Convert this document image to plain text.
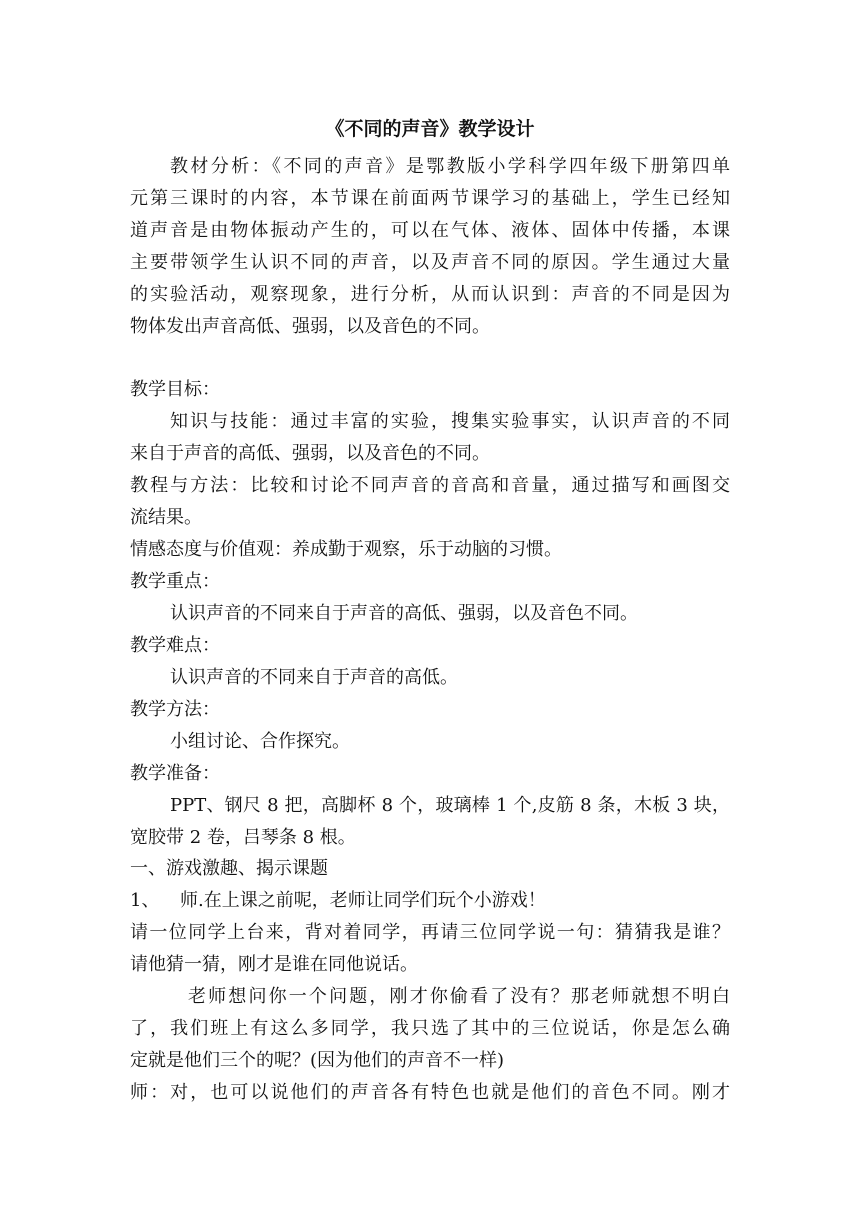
《不同的声音》教学设计
教材分析：《不同的声音》是鄂教版小学科学四年级下册第四单
元第三课时的内容，本节课在前面两节课学习的基础上，学生已经知
道声音是由物体振动产生的，可以在气体、液体、固体中传播，本课
主要带领学生认识不同的声音，以及声音不同的原因。学生通过大量
的实验活动，观察现象，进行分析，从而认识到：声音的不同是因为
物体发出声音高低、强弱，以及音色的不同。
教学目标：
知识与技能：通过丰富的实验，搜集实验事实，认识声音的不同
来自于声音的高低、强弱，以及音色的不同。
教程与方法：比较和讨论不同声音的音高和音量，通过描写和画图交
流结果。
情感态度与价值观：养成勤于观察，乐于动脑的习惯。
教学重点：
认识声音的不同来自于声音的高低、强弱，以及音色不同。
教学难点：
认识声音的不同来自于声音的高低。
教学方法：
小组讨论、合作探究。
教学准备：
PPT、钢尺 8 把，高脚杯 8 个，玻璃棒 1 个,皮筋 8 条，木板 3 块，
宽胶带 2 卷，吕琴条 8 根。
一、游戏激趣、揭示课题
1、	师.在上课之前呢，老师让同学们玩个小游戏！
请一位同学上台来，背对着同学，再请三位同学说一句：猜猜我是谁？
请他猜一猜，刚才是谁在同他说话。
老师想问你一个问题，刚才你偷看了没有？那老师就想不明白
了，我们班上有这么多同学，我只选了其中的三位说话，你是怎么确
定就是他们三个的呢？(因为他们的声音不一样)
师：对，也可以说他们的声音各有特色也就是他们的音色不同。刚才
